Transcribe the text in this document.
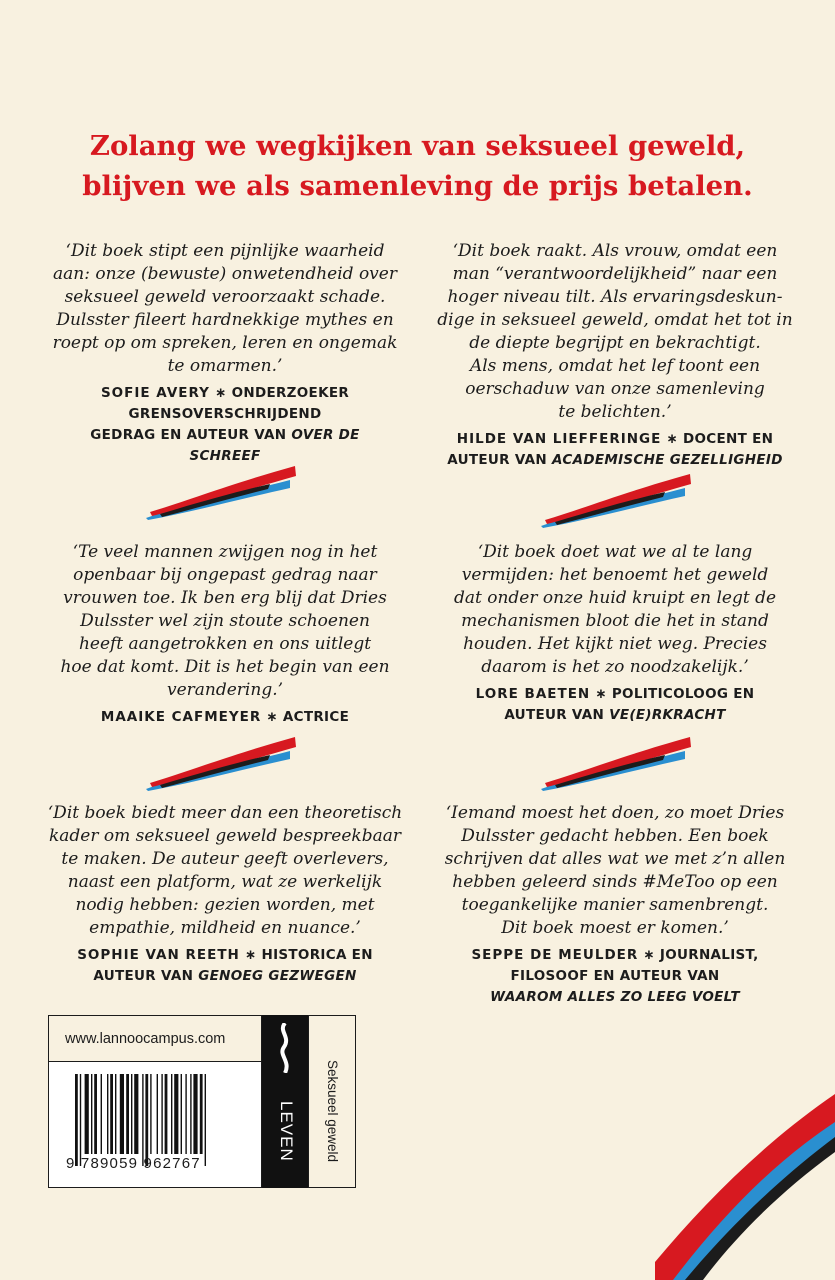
Zolang we wegkijken van seksueel geweld,
blijven we als samenleving de prijs betalen.

‘Dit boek stipt een pijnlijke waarheid
aan: onze (bewuste) onwetendheid over
seksueel geweld veroorzaakt schade.
Dulsster fileert hardnekkige mythes en
roept op om spreken, leren en ongemak
te omarmen.’

SOFIE AVERY ∗ ONDERZOEKER
GRENSOVERSCHRIJDEND
GEDRAG EN AUTEUR VAN OVER DE
SCHREEF

‘Dit boek raakt. Als vrouw, omdat een
man “verantwoordelijkheid” naar een
hoger niveau tilt. Als ervaringsdeskun-
dige in seksueel geweld, omdat het tot in
de diepte begrijpt en bekrachtigt.
Als mens, omdat het lef toont een
oerschaduw van onze samenleving
te belichten.’

HILDE VAN LIEFFERINGE ∗ DOCENT EN
AUTEUR VAN ACADEMISCHE GEZELLIGHEID

‘Te veel mannen zwijgen nog in het
openbaar bij ongepast gedrag naar
vrouwen toe. Ik ben erg blij dat Dries
Dulsster wel zijn stoute schoenen
heeft aangetrokken en ons uitlegt
hoe dat komt. Dit is het begin van een
verandering.’

MAAIKE CAFMEYER ∗ ACTRICE

‘Dit boek doet wat we al te lang
vermijden: het benoemt het geweld
dat onder onze huid kruipt en legt de
mechanismen bloot die het in stand
houden. Het kijkt niet weg. Precies
daarom is het zo noodzakelijk.’

LORE BAETEN ∗ POLITICOLOOG EN
AUTEUR VAN VE(E)RKRACHT

‘Dit boek biedt meer dan een theoretisch
kader om seksueel geweld bespreekbaar
te maken. De auteur geeft overlevers,
naast een platform, wat ze werkelijk
nodig hebben: gezien worden, met
empathie, mildheid en nuance.’

SOPHIE VAN REETH ∗ HISTORICA EN
AUTEUR VAN GENOEG GEZWEGEN

‘Iemand moest het doen, zo moet Dries
Dulsster gedacht hebben. Een boek
schrijven dat alles wat we met z’n allen
hebben geleerd sinds #MeToo op een
toegankelijke manier samenbrengt.
Dit boek moest er komen.’

SEPPE DE MEULDER ∗ JOURNALIST,
FILOSOOF EN AUTEUR VAN
WAAROM ALLES ZO LEEG VOELT
www.lannoocampus.com
9 789059 962767
LEVEN Seksueel geweld
